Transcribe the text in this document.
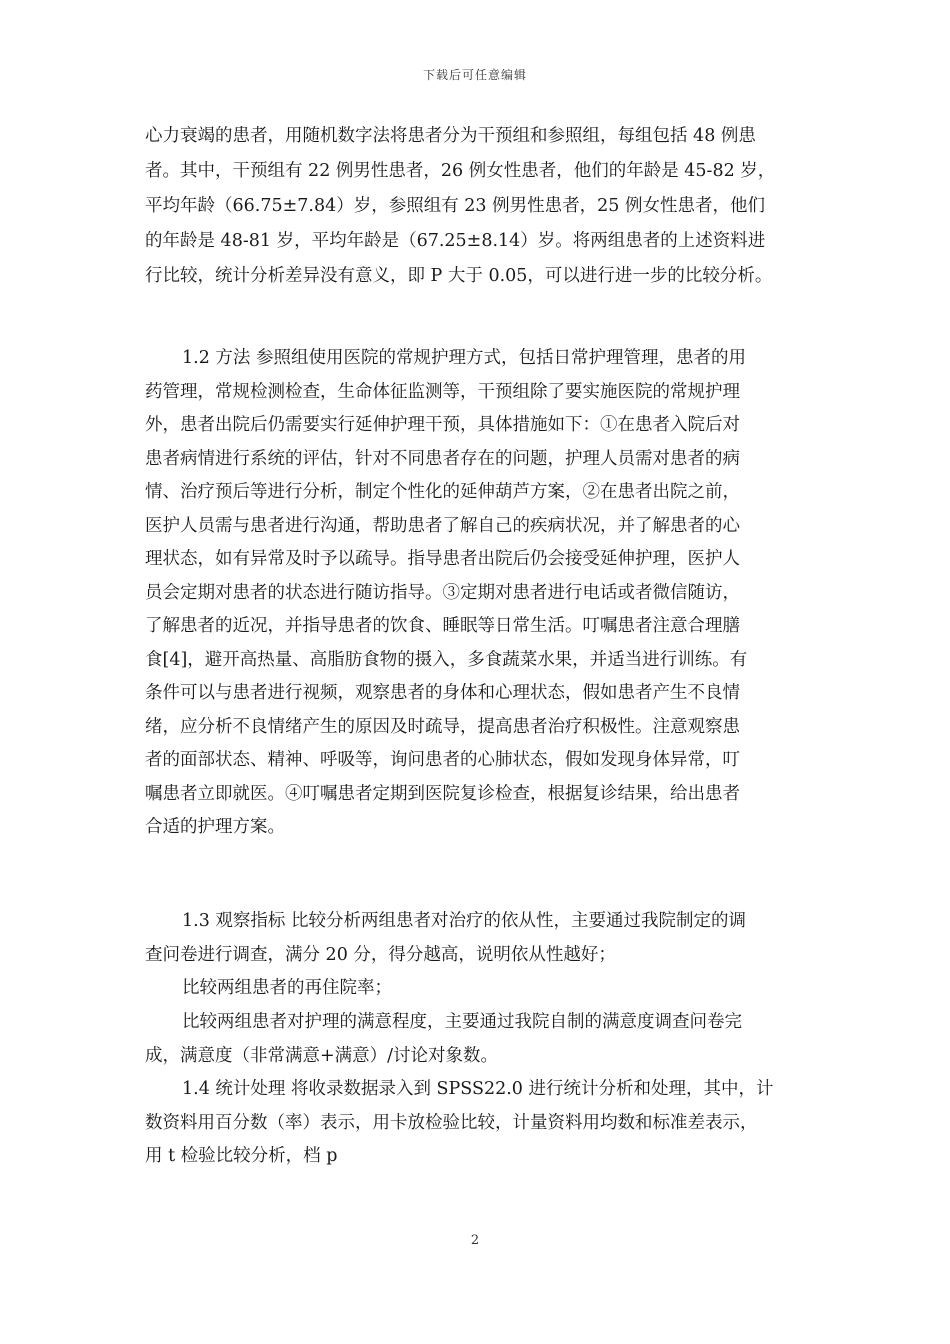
下载后可任意编辑
心力衰竭的患者，用随机数字法将患者分为干预组和参照组，每组包括 48 例患
者。其中，干预组有 22 例男性患者，26 例女性患者，他们的年龄是 45-82 岁，
平均年龄（66.75±7.84）岁，参照组有 23 例男性患者，25 例女性患者，他们
的年龄是 48-81 岁，平均年龄是（67.25±8.14）岁。将两组患者的上述资料进
行比较，统计分析差异没有意义，即 P 大于 0.05，可以进行进一步的比较分析。
1.2 方法 参照组使用医院的常规护理方式，包括日常护理管理，患者的用
药管理，常规检测检查，生命体征监测等，干预组除了要实施医院的常规护理
外，患者出院后仍需要实行延伸护理干预，具体措施如下：①在患者入院后对
患者病情进行系统的评估，针对不同患者存在的问题，护理人员需对患者的病
情、治疗预后等进行分析，制定个性化的延伸葫芦方案，②在患者出院之前，
医护人员需与患者进行沟通，帮助患者了解自己的疾病状况，并了解患者的心
理状态，如有异常及时予以疏导。指导患者出院后仍会接受延伸护理，医护人
员会定期对患者的状态进行随访指导。③定期对患者进行电话或者微信随访，
了解患者的近况，并指导患者的饮食、睡眠等日常生活。叮嘱患者注意合理膳
食[4]，避开高热量、高脂肪食物的摄入，多食蔬菜水果，并适当进行训练。有
条件可以与患者进行视频，观察患者的身体和心理状态，假如患者产生不良情
绪，应分析不良情绪产生的原因及时疏导，提高患者治疗积极性。注意观察患
者的面部状态、精神、呼吸等，询问患者的心肺状态，假如发现身体异常，叮
嘱患者立即就医。④叮嘱患者定期到医院复诊检查，根据复诊结果，给出患者
合适的护理方案。
1.3 观察指标 比较分析两组患者对治疗的依从性，主要通过我院制定的调
查问卷进行调查，满分 20 分，得分越高，说明依从性越好；
比较两组患者的再住院率；
比较两组患者对护理的满意程度，主要通过我院自制的满意度调查问卷完
成，满意度（非常满意+满意）/讨论对象数。
1.4 统计处理 将收录数据录入到 SPSS22.0 进行统计分析和处理，其中，计
数资料用百分数（率）表示，用卡放检验比较，计量资料用均数和标准差表示，
用 t 检验比较分析，档 p
2
